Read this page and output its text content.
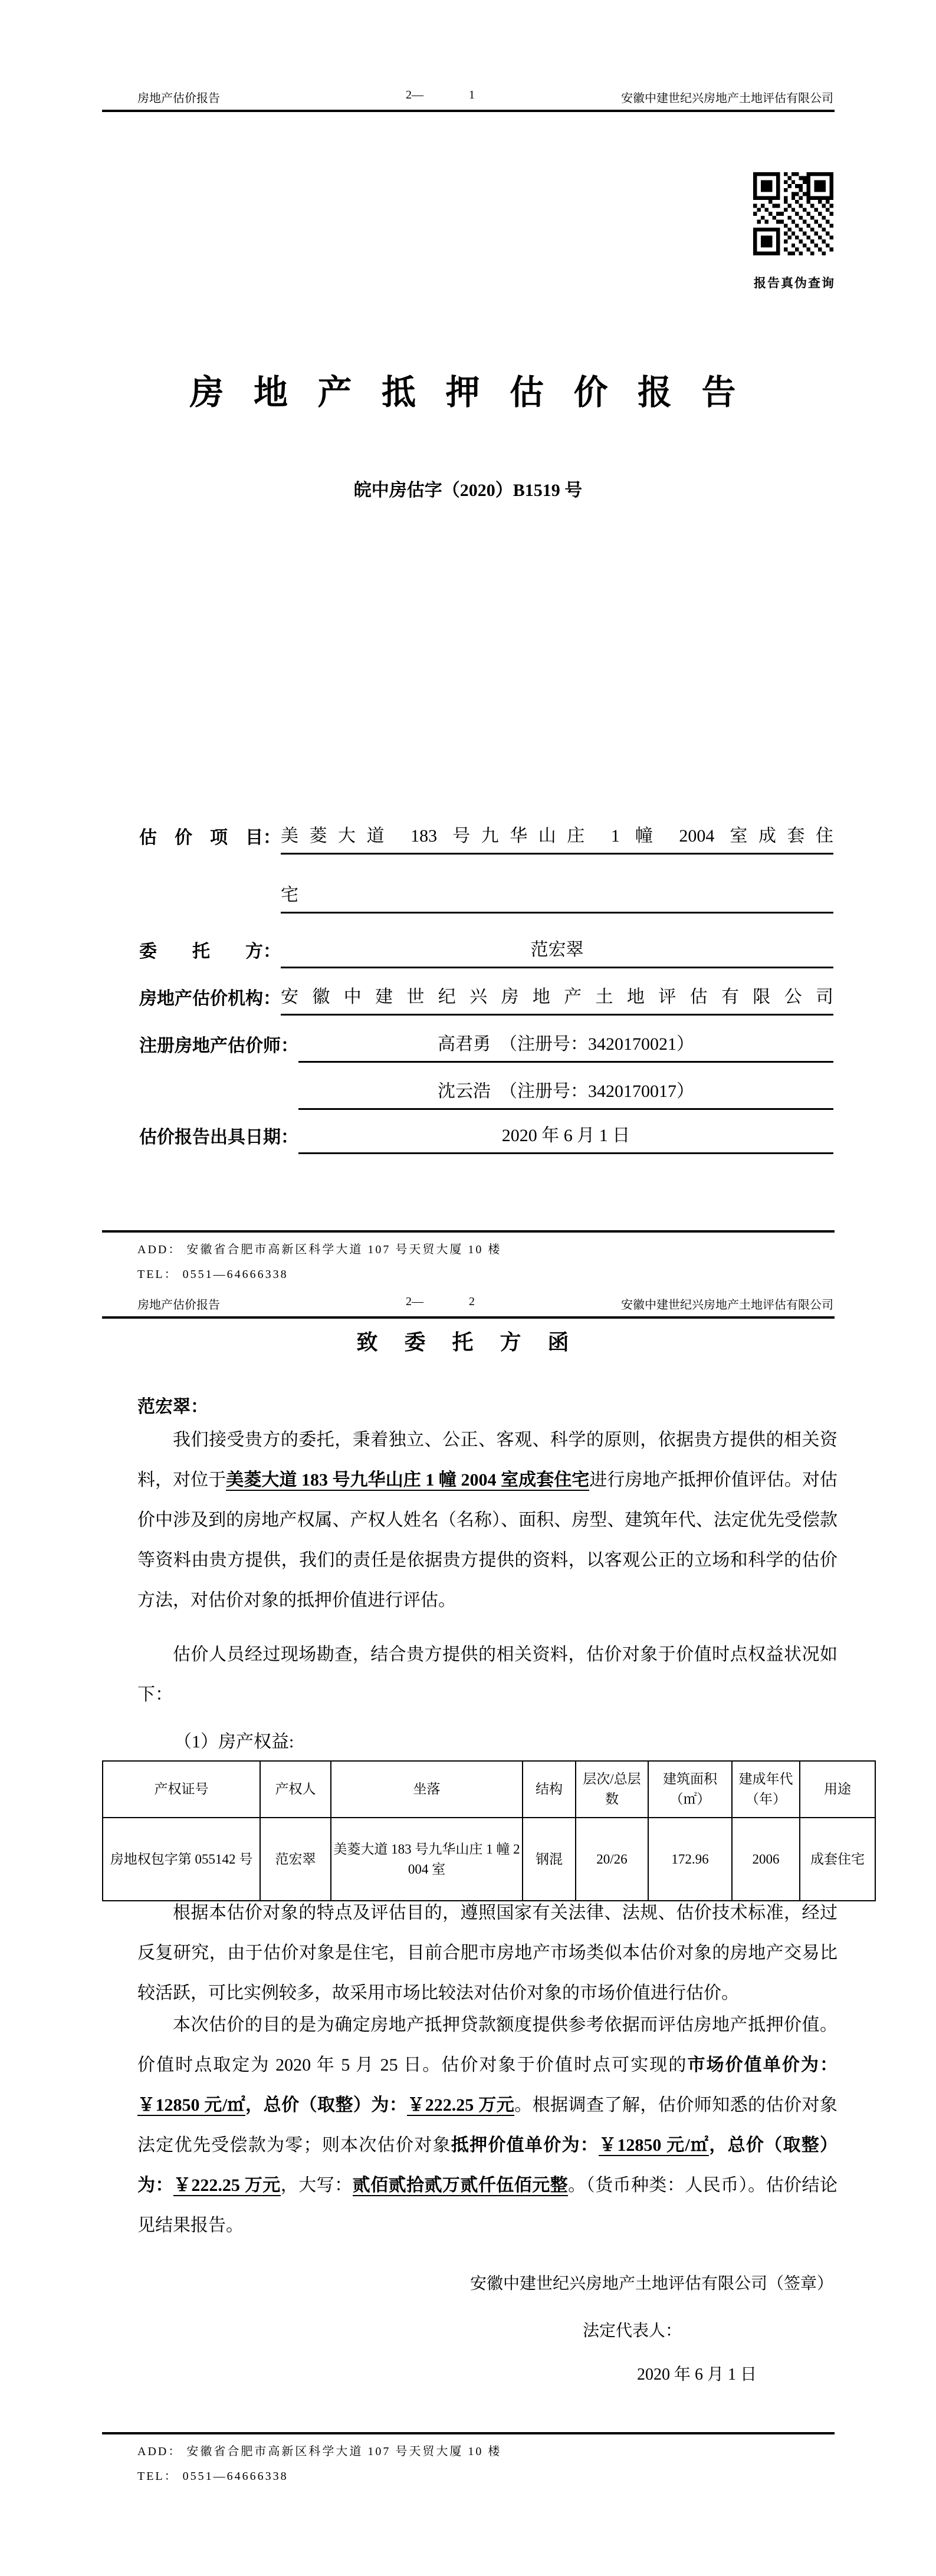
房地产估价报告	2—	1	安徽中建世纪兴房地产土地评估有限公司
报告真伪查询
房 地 产 抵 押 估 价 报 告
皖中房估字（2020）B1519 号
估　价　项　目： 美菱大道 183 号九华山庄 1 幢 2004 室成套住
宅
委　　托　　方：	范宏翠
房地产估价机构： 安徽中建世纪兴房地产土地评估有限公司
注册房地产估价师：	高君勇　（注册号：3420170021）
沈云浩　（注册号：3420170017）
估价报告出具日期：	2020 年 6 月 1 日
ADD： 安徽省合肥市高新区科学大道 107 号天贸大厦 10 楼
TEL： 0551—64666338
房地产估价报告	2—	2	安徽中建世纪兴房地产土地评估有限公司
致 委 托 方 函
范宏翠：
我们接受贵方的委托，秉着独立、公正、客观、科学的原则，依据贵方提供的相关资料，对位于美菱大道 183 号九华山庄 1 幢 2004 室成套住宅进行房地产抵押价值评估。对估价中涉及到的房地产权属、产权人姓名（名称）、面积、房型、建筑年代、法定优先受偿款等资料由贵方提供，我们的责任是依据贵方提供的资料，以客观公正的立场和科学的估价方法，对估价对象的抵押价值进行评估。
估价人员经过现场勘查，结合贵方提供的相关资料，估价对象于价值时点权益状况如下：
（1）房产权益:
产权证号	产权人	坐落	结构	层次/总层数	建筑面积（㎡）	建成年代（年）	用途
房地权包字第 055142 号	范宏翠	美菱大道 183 号九华山庄 1 幢 2004 室	钢混	20/26	172.96	2006	成套住宅
根据本估价对象的特点及评估目的，遵照国家有关法律、法规、估价技术标准，经过反复研究，由于估价对象是住宅，目前合肥市房地产市场类似本估价对象的房地产交易比较活跃，可比实例较多，故采用市场比较法对估价对象的市场价值进行估价。
本次估价的目的是为确定房地产抵押贷款额度提供参考依据而评估房地产抵押价值。价值时点取定为 2020 年 5 月 25 日。估价对象于价值时点可实现的市场价值单价为：￥12850 元/㎡，总价（取整）为：￥222.25 万元。根据调查了解，估价师知悉的估价对象法定优先受偿款为零；则本次估价对象抵押价值单价为：￥12850 元/㎡，总价（取整）为：￥222.25 万元，大写：贰佰贰拾贰万贰仟伍佰元整。（货币种类：人民币）。估价结论见结果报告。
安徽中建世纪兴房地产土地评估有限公司（签章）
法定代表人：
2020 年 6 月 1 日
ADD： 安徽省合肥市高新区科学大道 107 号天贸大厦 10 楼
TEL： 0551—64666338
